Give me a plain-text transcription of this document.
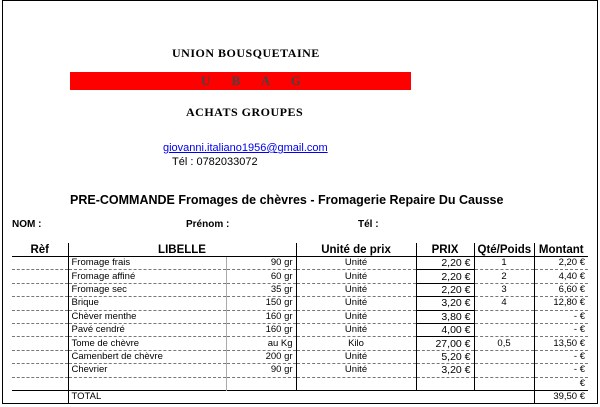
UNION BOUSQUETAINE
U B A G
ACHATS GROUPES
giovanni.italiano1956@gmail.com
Tél : 0782033072
PRE-COMMANDE Fromages de chèvres - Fromagerie Repaire Du Causse
NOM :	Prénom :	Tél :
Rèf	LIBELLE		Unité de prix	PRIX	Qté/Poids	Montant
	Fromage frais	90 gr	Unité	2,20 €	1	2,20 €
	Fromage affiné	60 gr	Unité	2,20 €	2	4,40 €
	Fromage sec	35 gr	Unité	2,20 €	3	6,60 €
	Brique	150 gr	Unité	3,20 €	4	12,80 €
	Chèver menthe	160 gr	Unité	3,80 €		- €
	Pavé cendré	160 gr	Unité	4,00 €		- €
	Tome de chèvre	au Kg	Kilo	27,00 €	0,5	13,50 €
	Camenbert de chèvre	200 gr	Unité	5,20 €		- €
	Chevrier	90 gr	Unité	3,20 €		- €
						€
	TOTAL					39,50 €
